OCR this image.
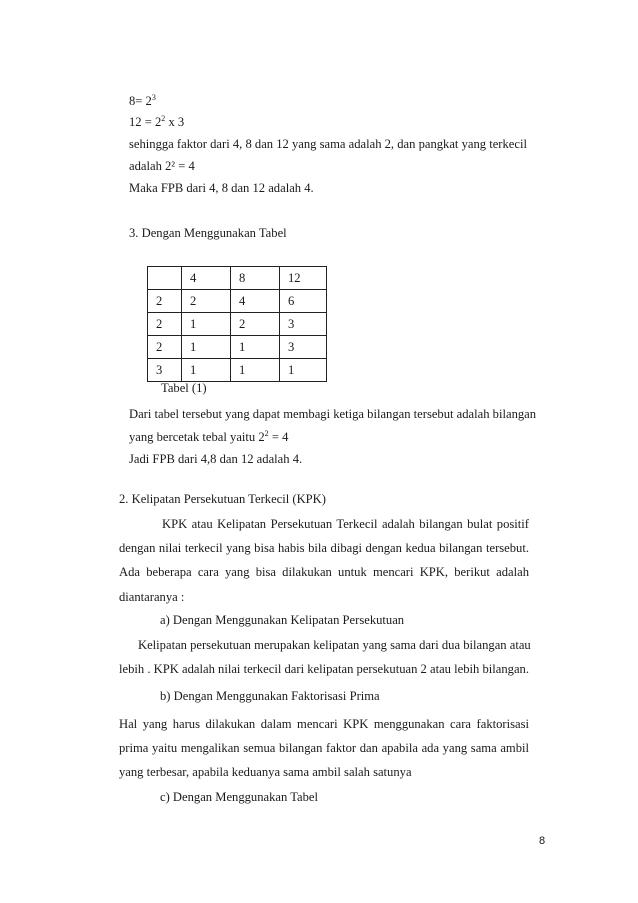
$8= 2^3$
$12 = 2^2$ x 3
sehingga faktor dari 4, 8 dan 12 yang sama adalah 2, dan pangkat yang terkecil
adalah 2² = 4
Maka FPB dari 4, 8 dan 12 adalah 4.
3. Dengan Menggunakan Tabel
	4	8	12
2	2	4	6
2	1	2	3
2	1	1	3
3	1	1	1
Tabel (1)
Dari tabel tersebut yang dapat membagi ketiga bilangan tersebut adalah bilangan
yang bercetak tebal yaitu $2^2 = 4$
Jadi FPB dari 4,8 dan 12 adalah 4.
2. Kelipatan Persekutuan Terkecil (KPK)
KPK atau Kelipatan Persekutuan Terkecil adalah bilangan bulat positif
dengan nilai terkecil yang bisa habis bila dibagi dengan kedua bilangan tersebut.
Ada beberapa cara yang bisa dilakukan untuk mencari KPK, berikut adalah
diantaranya :
a) Dengan Menggunakan Kelipatan Persekutuan
Kelipatan persekutuan merupakan kelipatan yang sama dari dua bilangan atau
lebih . KPK adalah nilai terkecil dari kelipatan persekutuan 2 atau lebih bilangan.
b) Dengan Menggunakan Faktorisasi Prima
Hal yang harus dilakukan dalam mencari KPK menggunakan cara faktorisasi
prima yaitu mengalikan semua bilangan faktor dan apabila ada yang sama ambil
yang terbesar, apabila keduanya sama ambil salah satunya
c) Dengan Menggunakan Tabel
8
